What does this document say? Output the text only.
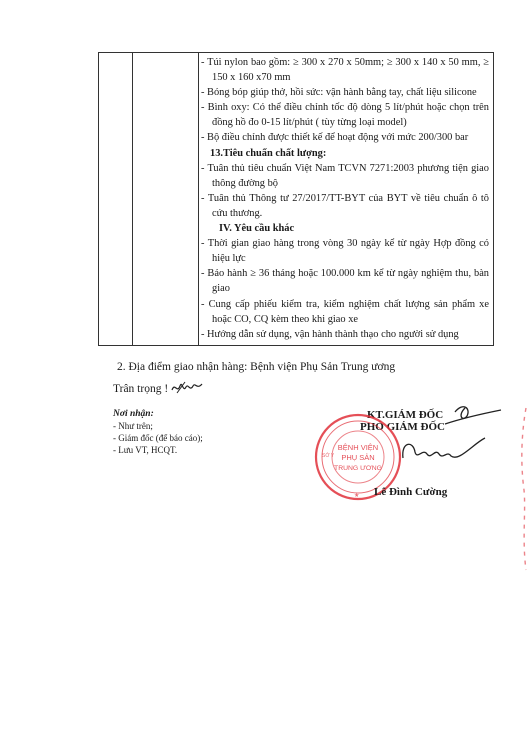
- Túi nylon bao gồm: ≥ 300 x 270 x 50mm; ≥ 300 x 140 x 50 mm, ≥ 150 x 160 x70 mm

- Bóng bóp giúp thở, hồi sức: vận hành bằng tay, chất liệu silicone

- Bình oxy: Có thể điều chỉnh tốc độ dòng 5 lít/phút hoặc chọn trên đồng hồ đo 0-15 lít/phút ( tùy từng loại model)

- Bộ điều chỉnh được thiết kế để hoạt động với mức 200/300 bar

13.Tiêu chuẩn chất lượng:

- Tuân thủ tiêu chuẩn Việt Nam TCVN 7271:2003 phương tiện giao thông đường bộ

- Tuân thủ Thông tư 27/2017/TT-BYT của BYT về tiêu chuẩn ô tô cứu thương.

IV. Yêu cầu khác

- Thời gian giao hàng trong vòng 30 ngày kể từ ngày Hợp đồng có hiệu lực

- Bảo hành ≥ 36 tháng hoặc 100.000 km kể từ ngày nghiệm thu, bàn giao

- Cung cấp phiếu kiểm tra, kiểm nghiệm chất lượng sản phẩm xe hoặc CO, CQ kèm theo khi giao xe

- Hướng dẫn sử dụng, vận hành thành thạo cho người sử dụng

2. Địa điểm giao nhận hàng: Bệnh viện Phụ Sản Trung ương
Trân trọng !
Nơi nhận:
- Như trên;
- Giám đốc (để báo cáo);
- Lưu VT, HCQT.
KT.GIÁM ĐỐC
PHÓ GIÁM ĐỐC
BỆNH VIỆN
PHỤ SẢN
TRUNG ƯƠNG
SỞ Y
★ Lê Đình Cường
